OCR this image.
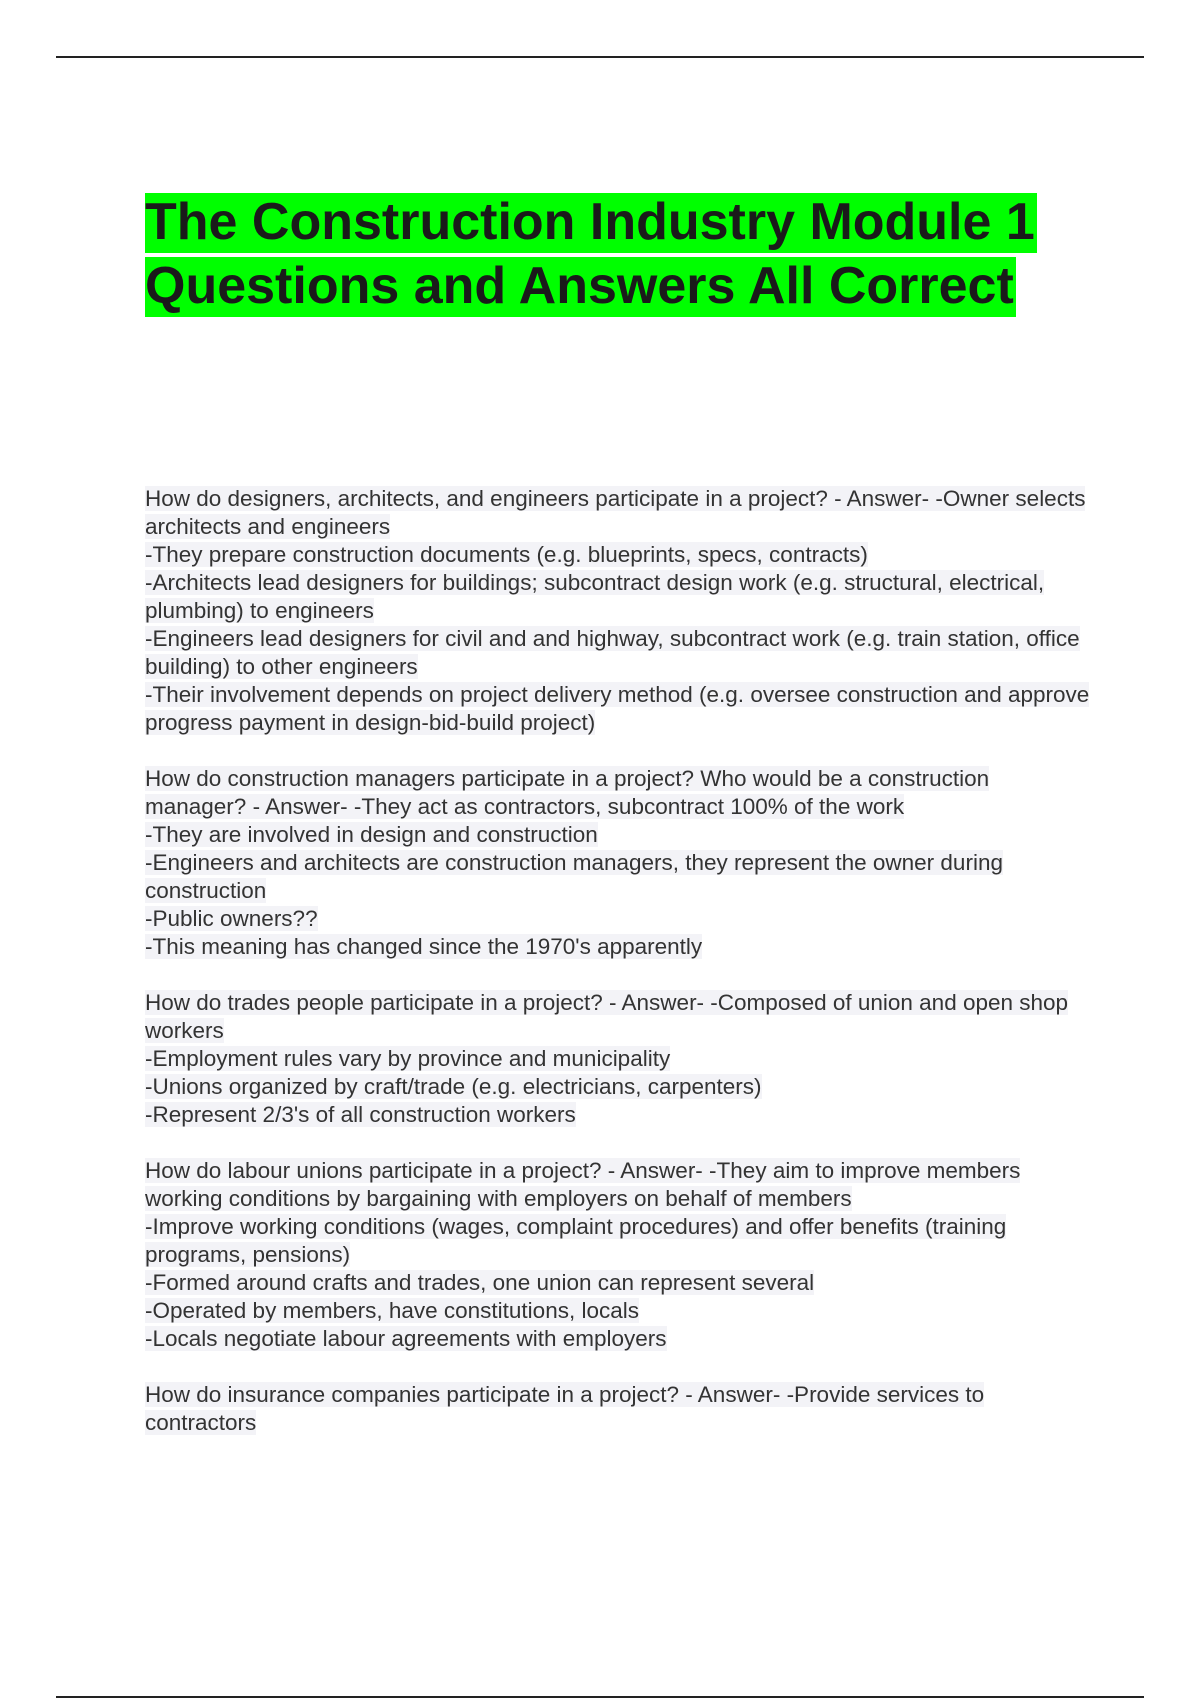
The Construction Industry Module 1 Questions and Answers All Correct

How do designers, architects, and engineers participate in a project? - Answer- -Owner selects architects and engineers

-They prepare construction documents (e.g. blueprints, specs, contracts)

-Architects lead designers for buildings; subcontract design work (e.g. structural, electrical, plumbing) to engineers

-Engineers lead designers for civil and and highway, subcontract work (e.g. train station, office building) to other engineers

-Their involvement depends on project delivery method (e.g. oversee construction and approve progress payment in design-bid-build project)

How do construction managers participate in a project? Who would be a construction manager? - Answer- -They act as contractors, subcontract 100% of the work

-They are involved in design and construction

-Engineers and architects are construction managers, they represent the owner during construction

-Public owners??

-This meaning has changed since the 1970's apparently

How do trades people participate in a project? - Answer- -Composed of union and open shop workers

-Employment rules vary by province and municipality

-Unions organized by craft/trade (e.g. electricians, carpenters)

-Represent 2/3's of all construction workers

How do labour unions participate in a project? - Answer- -They aim to improve members working conditions by bargaining with employers on behalf of members

-Improve working conditions (wages, complaint procedures) and offer benefits (training programs, pensions)

-Formed around crafts and trades, one union can represent several

-Operated by members, have constitutions, locals

-Locals negotiate labour agreements with employers

How do insurance companies participate in a project? - Answer- -Provide services to contractors
